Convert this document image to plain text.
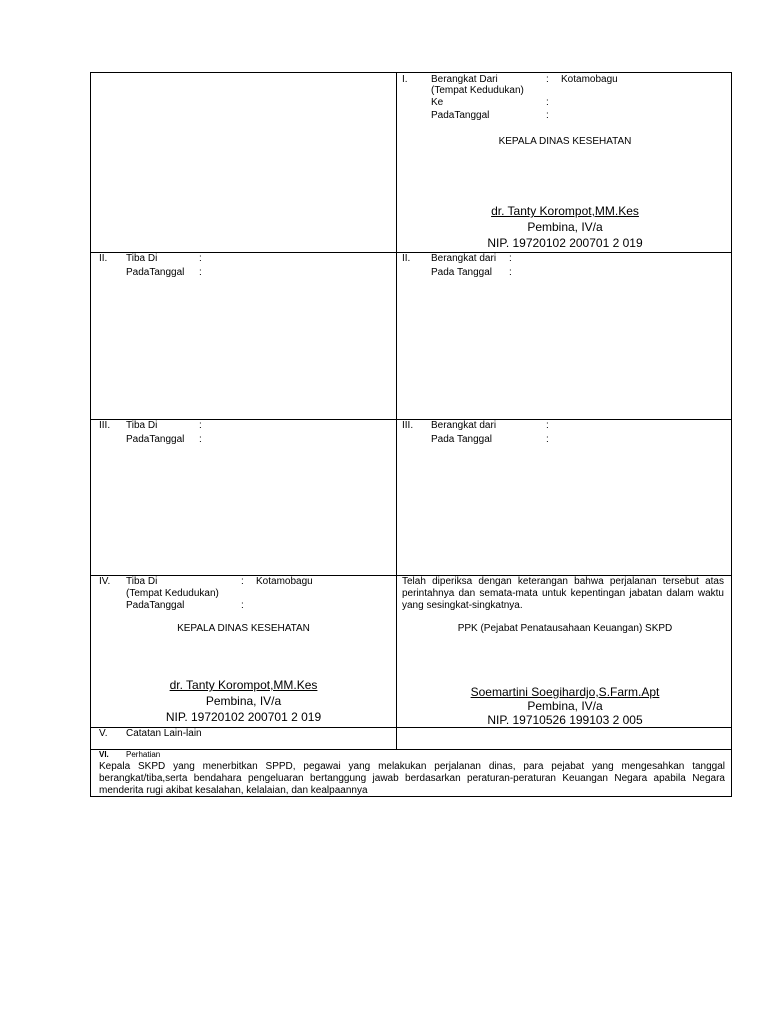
I. Berangkat Dari
(Tempat Kedudukan)
Ke
PadaTanggal
:
:
:
Kotamobagu
KEPALA DINAS KESEHATAN
dr. Tanty Korompot,MM.Kes
Pembina, IV/a
NIP. 19720102 200701 2 019
II. Tiba Di
PadaTanggal
:
:
II. Berangkat dari
Pada Tanggal
:
:
III. Tiba Di
PadaTanggal
:
:
III. Berangkat dari
Pada Tanggal
:
:
IV. Tiba Di
(Tempat Kedudukan)
PadaTanggal
:
:
Kotamobagu
KEPALA DINAS KESEHATAN
dr. Tanty Korompot,MM.Kes
Pembina, IV/a
NIP. 19720102 200701 2 019
Telah diperiksa dengan keterangan bahwa perjalanan tersebut atas perintahnya dan semata-mata untuk kepentingan jabatan dalam waktu yang sesingkat-singkatnya.
PPK (Pejabat Penatausahaan Keuangan) SKPD
Soemartini Soegihardjo,S.Farm.Apt
Pembina, IV/a
NIP. 19710526 199103 2 005
V. Catatan Lain-lain
VI. Perhatian
Kepala SKPD yang menerbitkan SPPD, pegawai yang melakukan perjalanan dinas, para pejabat yang mengesahkan tanggal berangkat/tiba,serta bendahara pengeluaran bertanggung jawab berdasarkan peraturan-peraturan Keuangan Negara apabila Negara menderita rugi akibat kesalahan, kelalaian, dan kealpaannya
